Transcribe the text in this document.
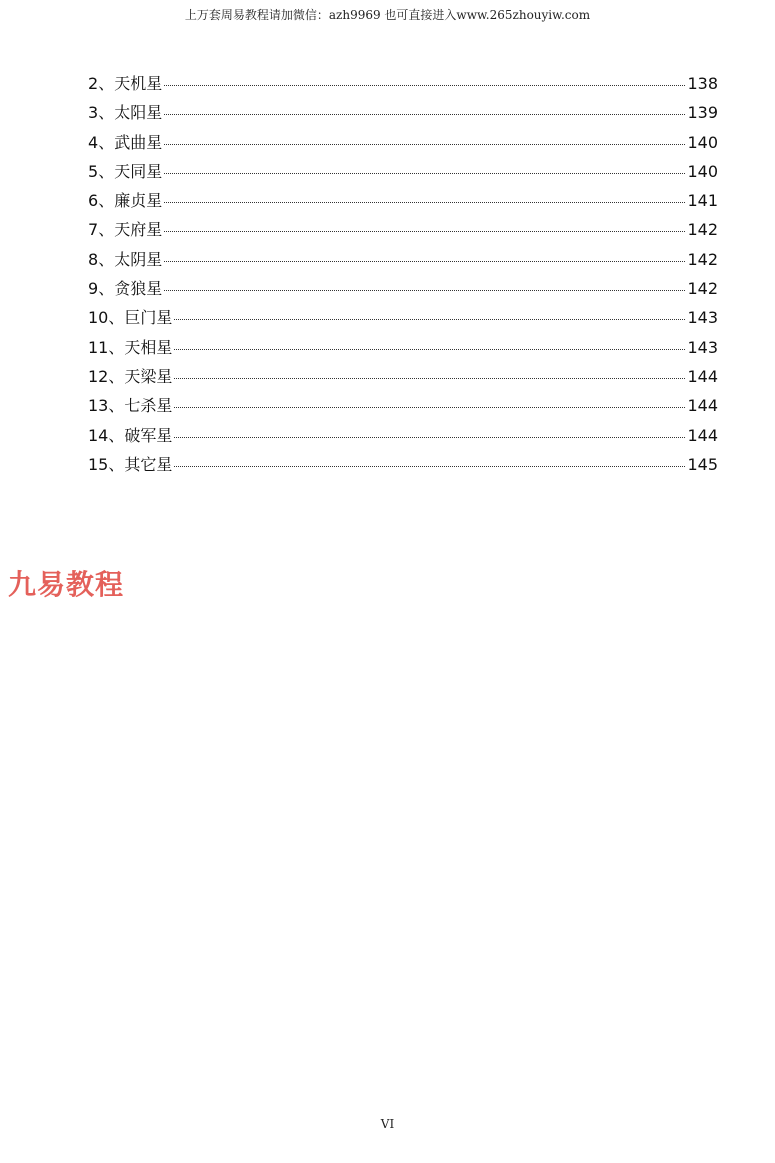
上万套周易教程请加微信：azh9969 也可直接进入www.265zhouyiw.com
2 、 天机星	138
3 、 太阳星	139
4 、 武曲星	140
5 、 天同星	140
6 、 廉贞星	141
7 、 天府星	142
8 、 太阴星	142
9 、 贪狼星	142
10 、 巨门星	143
11 、 天相星	143
12 、 天梁星	144
13 、 七杀星	144
14 、 破军星	144
15 、 其它星	145
九易教程
VI
